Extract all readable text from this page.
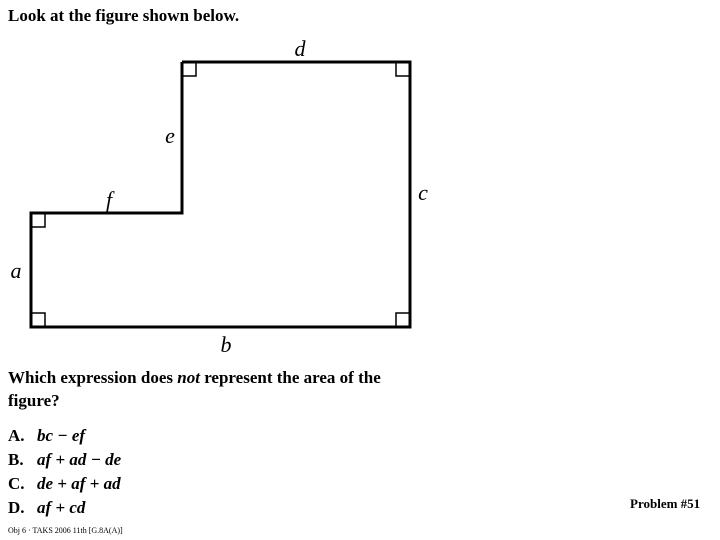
Look at the figure shown below.
d
e
c
f
a
b
Which expression does not represent the area of the figure?
A. bc − ef
B. af + ad − de
C. de + af + ad
D. af + cd	Problem #51
Obj 6 · TAKS 2006 11th [G.8A(A)]
